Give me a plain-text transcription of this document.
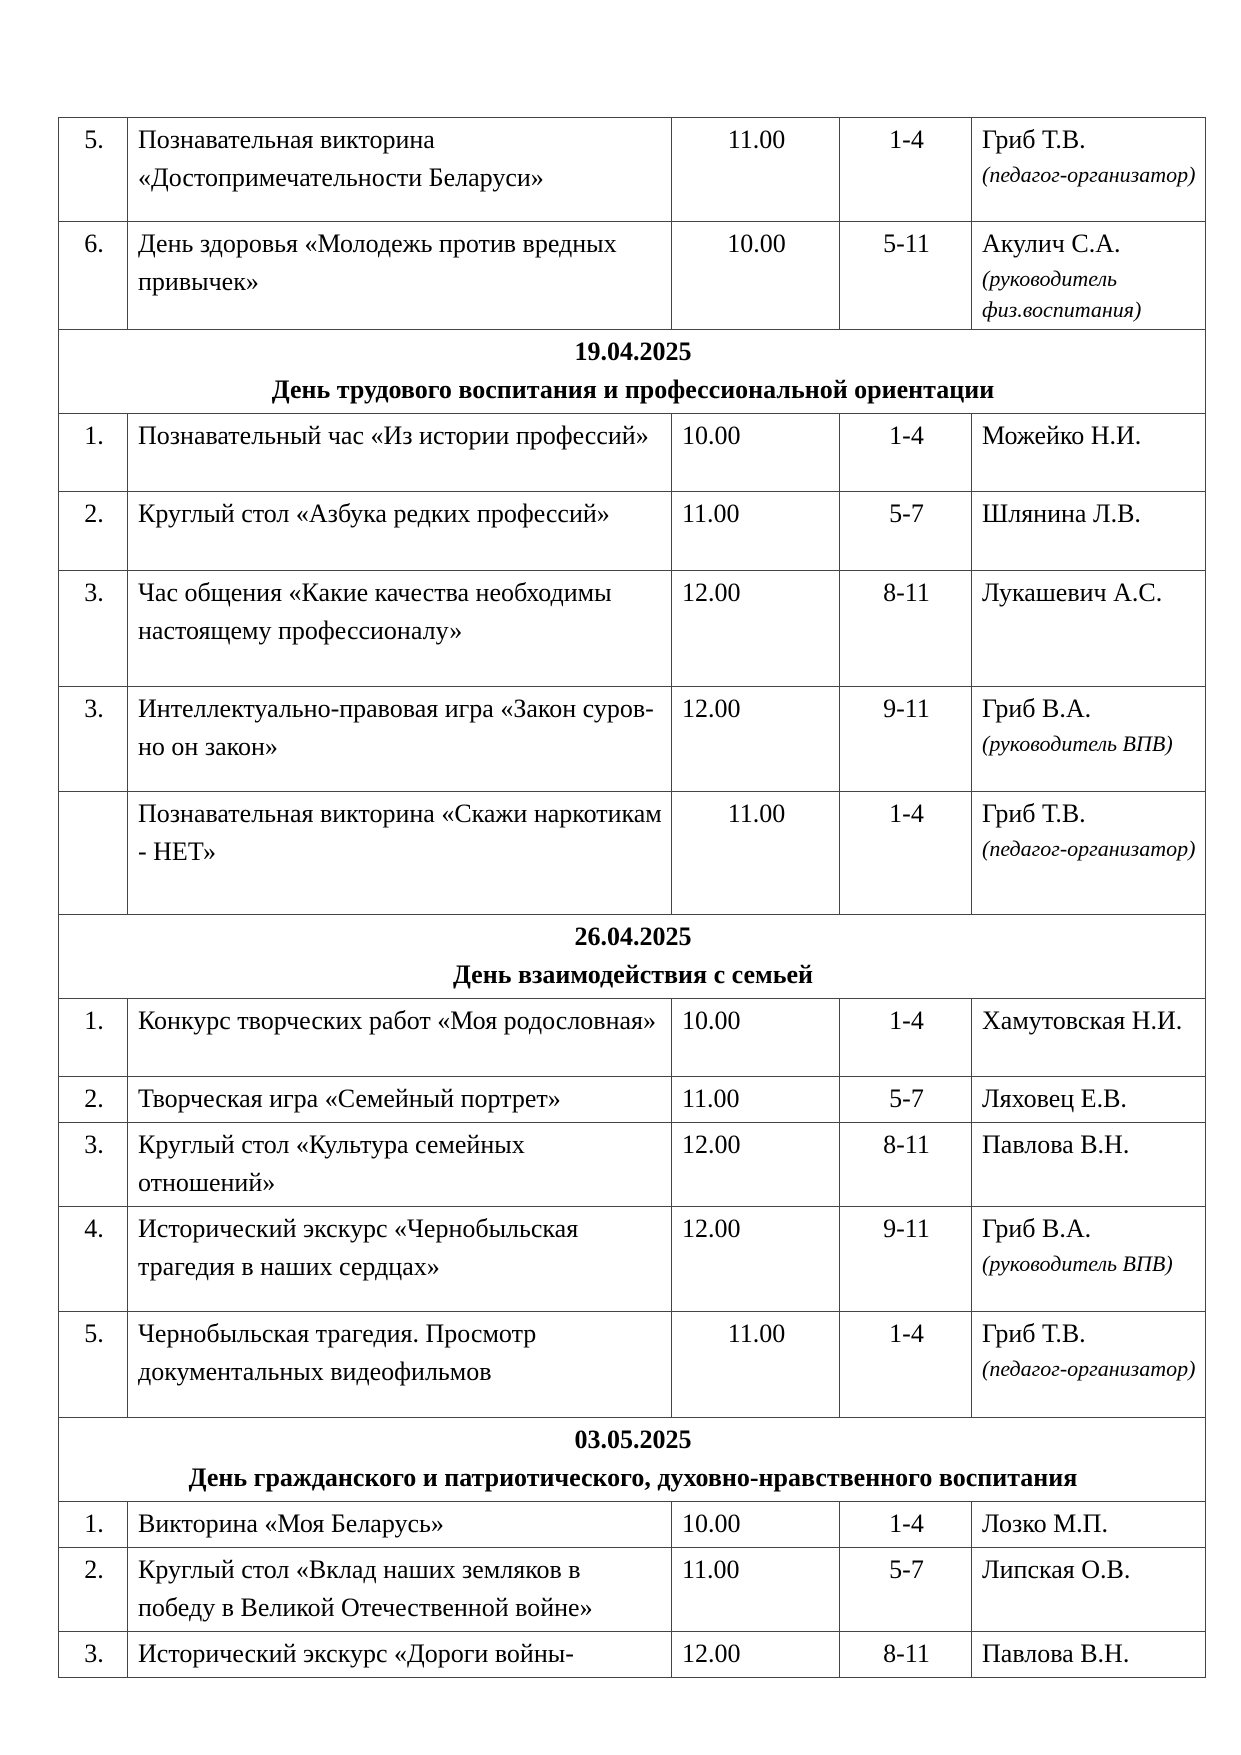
5.	Познавательная викторина «Достопримечательности Беларуси»	11.00	1-4	Гриб Т.В.
(педагог-организатор)

6.	День здоровья «Молодежь против вредных привычек»	10.00	5-11	Акулич С.А.
(руководитель физ.воспитания)

19.04.2025
День трудового воспитания и профессиональной ориентации				

1.	Познавательный час «Из истории профессий»	10.00	1-4	Можейко Н.И.
2.	Круглый стол «Азбука редких профессий»	11.00	5-7	Шлянина Л.В.
3.	Час общения «Какие качества необходимы настоящему профессионалу»	12.00	8-11	Лукашевич А.С.
3.	Интеллектуально-правовая игра «Закон суров-но он закон»	12.00	9-11	Гриб В.А.
(руководитель ВПВ)

	Познавательная викторина «Скажи наркотикам - НЕТ»	11.00	1-4	Гриб Т.В.
(педагог-организатор)

26.04.2025
День взаимодействия с семьей				

1.	Конкурс творческих работ «Моя родословная»	10.00	1-4	Хамутовская Н.И.
2.	Творческая игра «Семейный портрет»	11.00	5-7	Ляховец Е.В.
3.	Круглый стол «Культура семейных отношений»	12.00	8-11	Павлова В.Н.
4.	Исторический экскурс «Чернобыльская трагедия в наших сердцах»	12.00	9-11	Гриб В.А.
(руководитель ВПВ)

5.	Чернобыльская трагедия. Просмотр документальных видеофильмов	11.00	1-4	Гриб Т.В.
(педагог-организатор)

03.05.2025
День гражданского и патриотического, духовно-нравственного воспитания				

1.	Викторина «Моя Беларусь»	10.00	1-4	Лозко М.П.
2.	Круглый стол «Вклад наших земляков в победу в Великой Отечественной войне»	11.00	5-7	Липская О.В.
3.	Исторический экскурс «Дороги войны-	12.00	8-11	Павлова В.Н.
